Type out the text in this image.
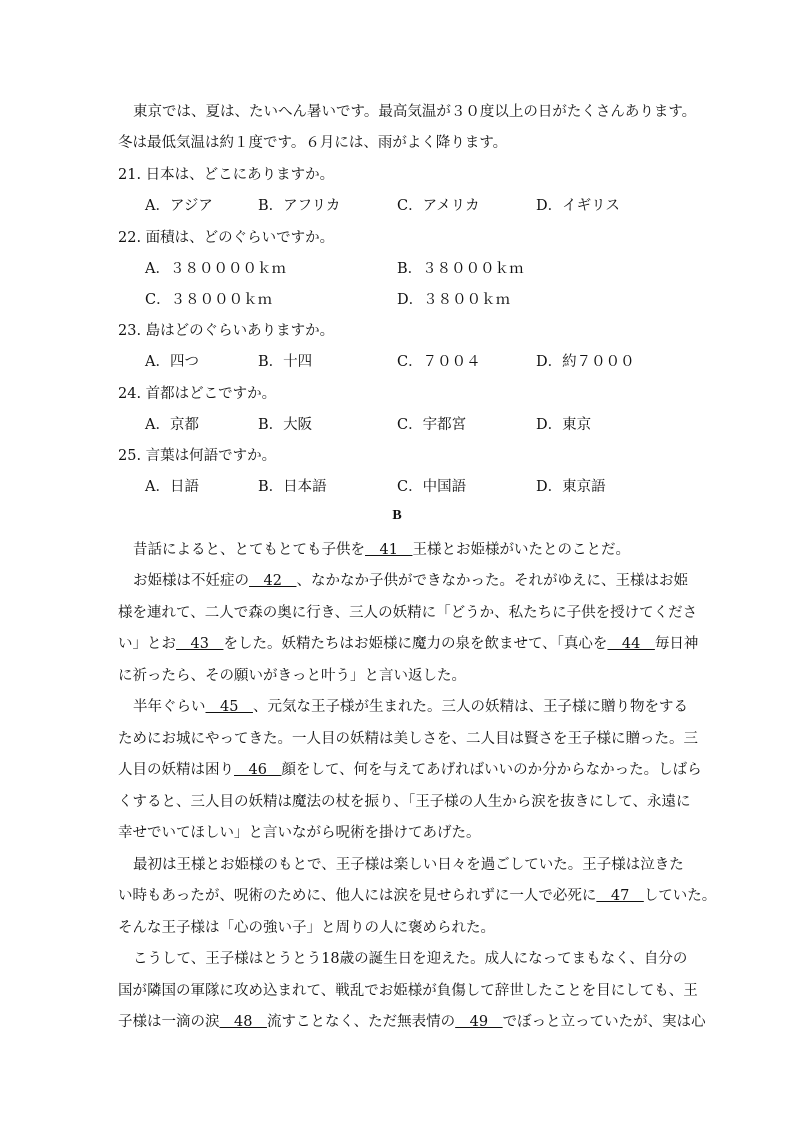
東京では、夏は、たいへん暑いです。最高気温が３０度以上の日がたくさんあります。
冬は最低気温は約１度です。６月には、雨がよく降ります。
21. 日本は、どこにありますか。
A．アジア	B．アフリカ	C．アメリカ	D．イギリス
22. 面積は、どのぐらいですか。
A．３８００００ｋｍ	B．３８０００ｋｍ
C．３８０００ｋｍ	D．３８００ｋｍ
23. 島はどのぐらいありますか。
A．四つ	B．十四	C．７００４	D．約７０００
24. 首都はどこですか。
A．京都	B．大阪	C．宇都宮	D．東京
25. 言葉は何語ですか。
A．日語	B．日本語	C．中国語	D．東京語
B
昔話によると、とてもとても子供を　41　王様とお姫様がいたとのことだ。
お姫様は不妊症の　42　、なかなか子供ができなかった。それがゆえに、王様はお姫
様を連れて、二人で森の奥に行き、三人の妖精に「どうか、私たちに子供を授けてくださ
い」とお　43　をした。妖精たちはお姫様に魔力の泉を飲ませて、「真心を　44　毎日神
に祈ったら、その願いがきっと叶う」と言い返した。
半年ぐらい　45　、元気な王子様が生まれた。三人の妖精は、王子様に贈り物をする
ためにお城にやってきた。一人目の妖精は美しさを、二人目は賢さを王子様に贈った。三
人目の妖精は困り　46　顔をして、何を与えてあげればいいのか分からなかった。しばら
くすると、三人目の妖精は魔法の杖を振り、「王子様の人生から涙を抜きにして、永遠に
幸せでいてほしい」と言いながら呪術を掛けてあげた。
最初は王様とお姫様のもとで、王子様は楽しい日々を過ごしていた。王子様は泣きた
い時もあったが、呪術のために、他人には涙を見せられずに一人で必死に　47　していた。
そんな王子様は「心の強い子」と周りの人に褒められた。
こうして、王子様はとうとう18歳の誕生日を迎えた。成人になってまもなく、自分の
国が隣国の軍隊に攻め込まれて、戦乱でお姫様が負傷して辞世したことを目にしても、王
子様は一滴の涙　48　流すことなく、ただ無表情の　49　でぼっと立っていたが、実は心
